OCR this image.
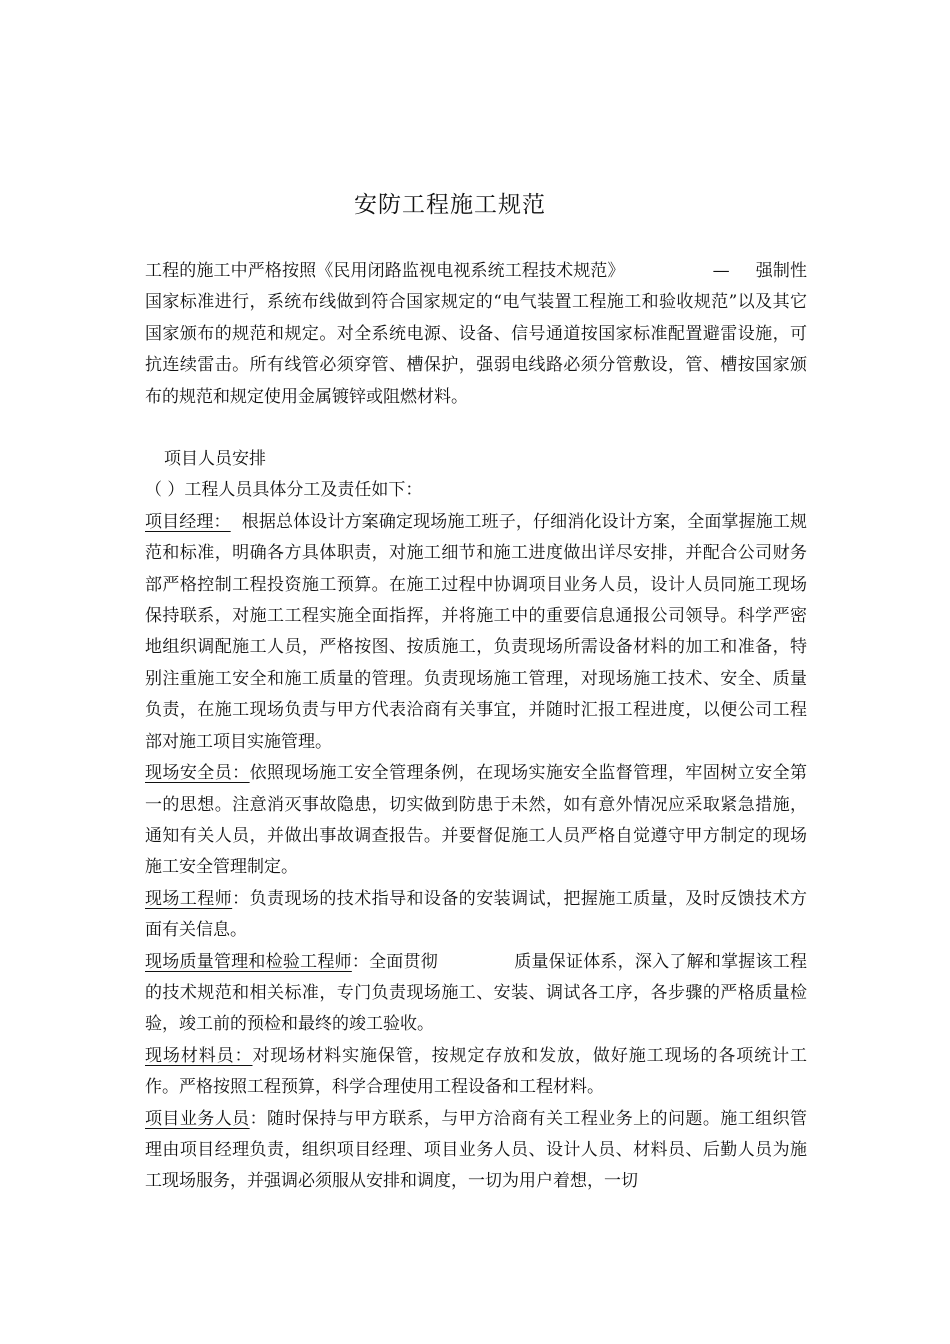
安防工程施工规范

工程的施工中严格按照《民用闭路监视电视系统工程技术规范》	— 强制性国家标准进行，系统布线做到符合国家规定的“电气装置工程施工和验收规范”以及其它国家颁布的规范和规定。对全系统电源、设备、信号通道按国家标准配置避雷设施，可抗连续雷击。所有线管必须穿管、槽保护，强弱电线路必须分管敷设，管、槽按国家颁布的规范和规定使用金属镀锌或阻燃材料。

项目人员安排

（ ）工程人员具体分工及责任如下：

项目经理： 根据总体设计方案确定现场施工班子，仔细消化设计方案，全面掌握施工规范和标准，明确各方具体职责，对施工细节和施工进度做出详尽安排，并配合公司财务部严格控制工程投资施工预算。在施工过程中协调项目业务人员，设计人员同施工现场保持联系，对施工工程实施全面指挥，并将施工中的重要信息通报公司领导。科学严密地组织调配施工人员，严格按图、按质施工，负责现场所需设备材料的加工和准备，特别注重施工安全和施工质量的管理。负责现场施工管理，对现场施工技术、安全、质量负责，在施工现场负责与甲方代表洽商有关事宜，并随时汇报工程进度，以便公司工程部对施工项目实施管理。

现场安全员：依照现场施工安全管理条例，在现场实施安全监督管理，牢固树立安全第一的思想。注意消灭事故隐患，切实做到防患于未然，如有意外情况应采取紧急措施，通知有关人员，并做出事故调查报告。并要督促施工人员严格自觉遵守甲方制定的现场施工安全管理制定。

现场工程师：负责现场的技术指导和设备的安装调试，把握施工质量，及时反馈技术方面有关信息。

现场质量管理和检验工程师：全面贯彻	质量保证体系，深入了解和掌握该工程的技术规范和相关标准，专门负责现场施工、安装、调试各工序，各步骤的严格质量检验，竣工前的预检和最终的竣工验收。

现场材料员：对现场材料实施保管，按规定存放和发放，做好施工现场的各项统计工作。严格按照工程预算，科学合理使用工程设备和工程材料。

项目业务人员：随时保持与甲方联系，与甲方洽商有关工程业务上的问题。施工组织管理由项目经理负责，组织项目经理、项目业务人员、设计人员、材料员、后勤人员为施工现场服务，并强调必须服从安排和调度，一切为用户着想，一切
